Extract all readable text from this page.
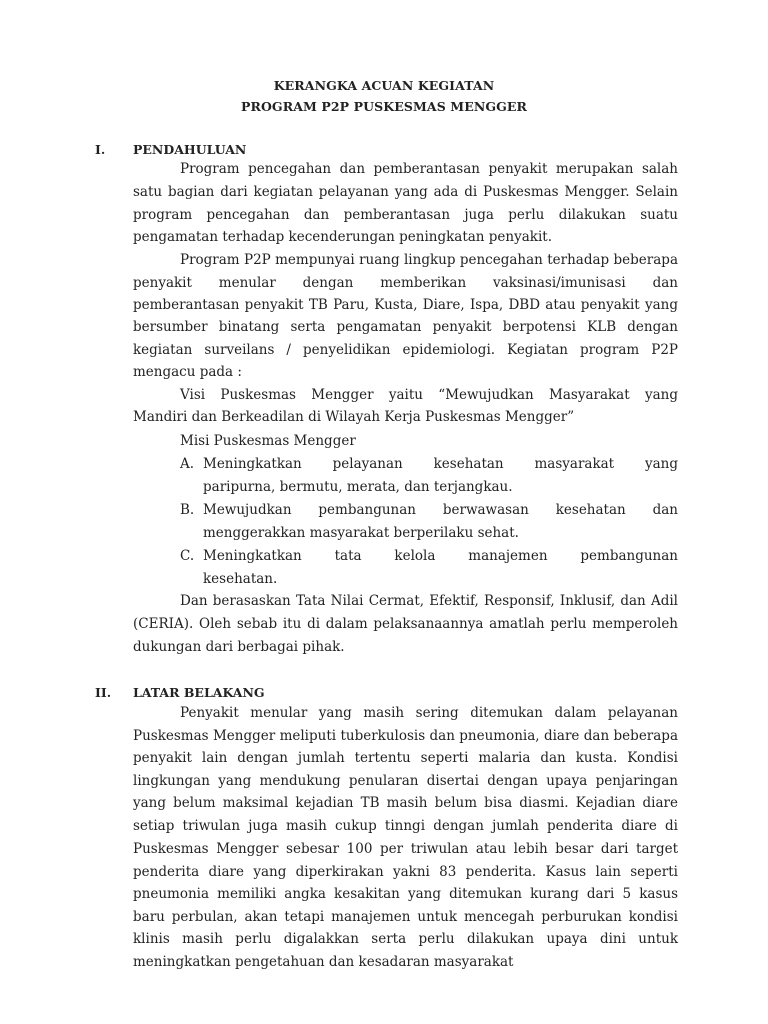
KERANGKA ACUAN KEGIATAN
PROGRAM P2P PUSKESMAS MENGGER
I. PENDAHULUAN
Program pencegahan dan pemberantasan penyakit merupakan salah
satu bagian dari kegiatan pelayanan yang ada di Puskesmas Mengger. Selain
program pencegahan dan pemberantasan juga perlu dilakukan suatu
pengamatan terhadap kecenderungan peningkatan penyakit.
Program P2P mempunyai ruang lingkup pencegahan terhadap beberapa
penyakit menular dengan memberikan vaksinasi/imunisasi dan
pemberantasan penyakit TB Paru, Kusta, Diare, Ispa, DBD atau penyakit yang
bersumber binatang serta pengamatan penyakit berpotensi KLB dengan
kegiatan surveilans / penyelidikan epidemiologi. Kegiatan program P2P
mengacu pada :
Visi Puskesmas Mengger yaitu “Mewujudkan Masyarakat yang
Mandiri dan Berkeadilan di Wilayah Kerja Puskesmas Mengger”
Misi Puskesmas Mengger
A. Meningkatkan pelayanan kesehatan masyarakat yang
paripurna, bermutu, merata, dan terjangkau.
B. Mewujudkan pembangunan berwawasan kesehatan dan
menggerakkan masyarakat berperilaku sehat.
C. Meningkatkan tata kelola manajemen pembangunan
kesehatan.
Dan berasaskan Tata Nilai Cermat, Efektif, Responsif, Inklusif, dan Adil
(CERIA). Oleh sebab itu di dalam pelaksanaannya amatlah perlu memperoleh
dukungan dari berbagai pihak.
II. LATAR BELAKANG
Penyakit menular yang masih sering ditemukan dalam pelayanan
Puskesmas Mengger meliputi tuberkulosis dan pneumonia, diare dan beberapa
penyakit lain dengan jumlah tertentu seperti malaria dan kusta. Kondisi
lingkungan yang mendukung penularan disertai dengan upaya penjaringan
yang belum maksimal kejadian TB masih belum bisa diasmi. Kejadian diare
setiap triwulan juga masih cukup tinngi dengan jumlah penderita diare di
Puskesmas Mengger sebesar 100 per triwulan atau lebih besar dari target
penderita diare yang diperkirakan yakni 83 penderita. Kasus lain seperti
pneumonia memiliki angka kesakitan yang ditemukan kurang dari 5 kasus
baru perbulan, akan tetapi manajemen untuk mencegah perburukan kondisi
klinis masih perlu digalakkan serta perlu dilakukan upaya dini untuk
meningkatkan pengetahuan dan kesadaran masyarakat
